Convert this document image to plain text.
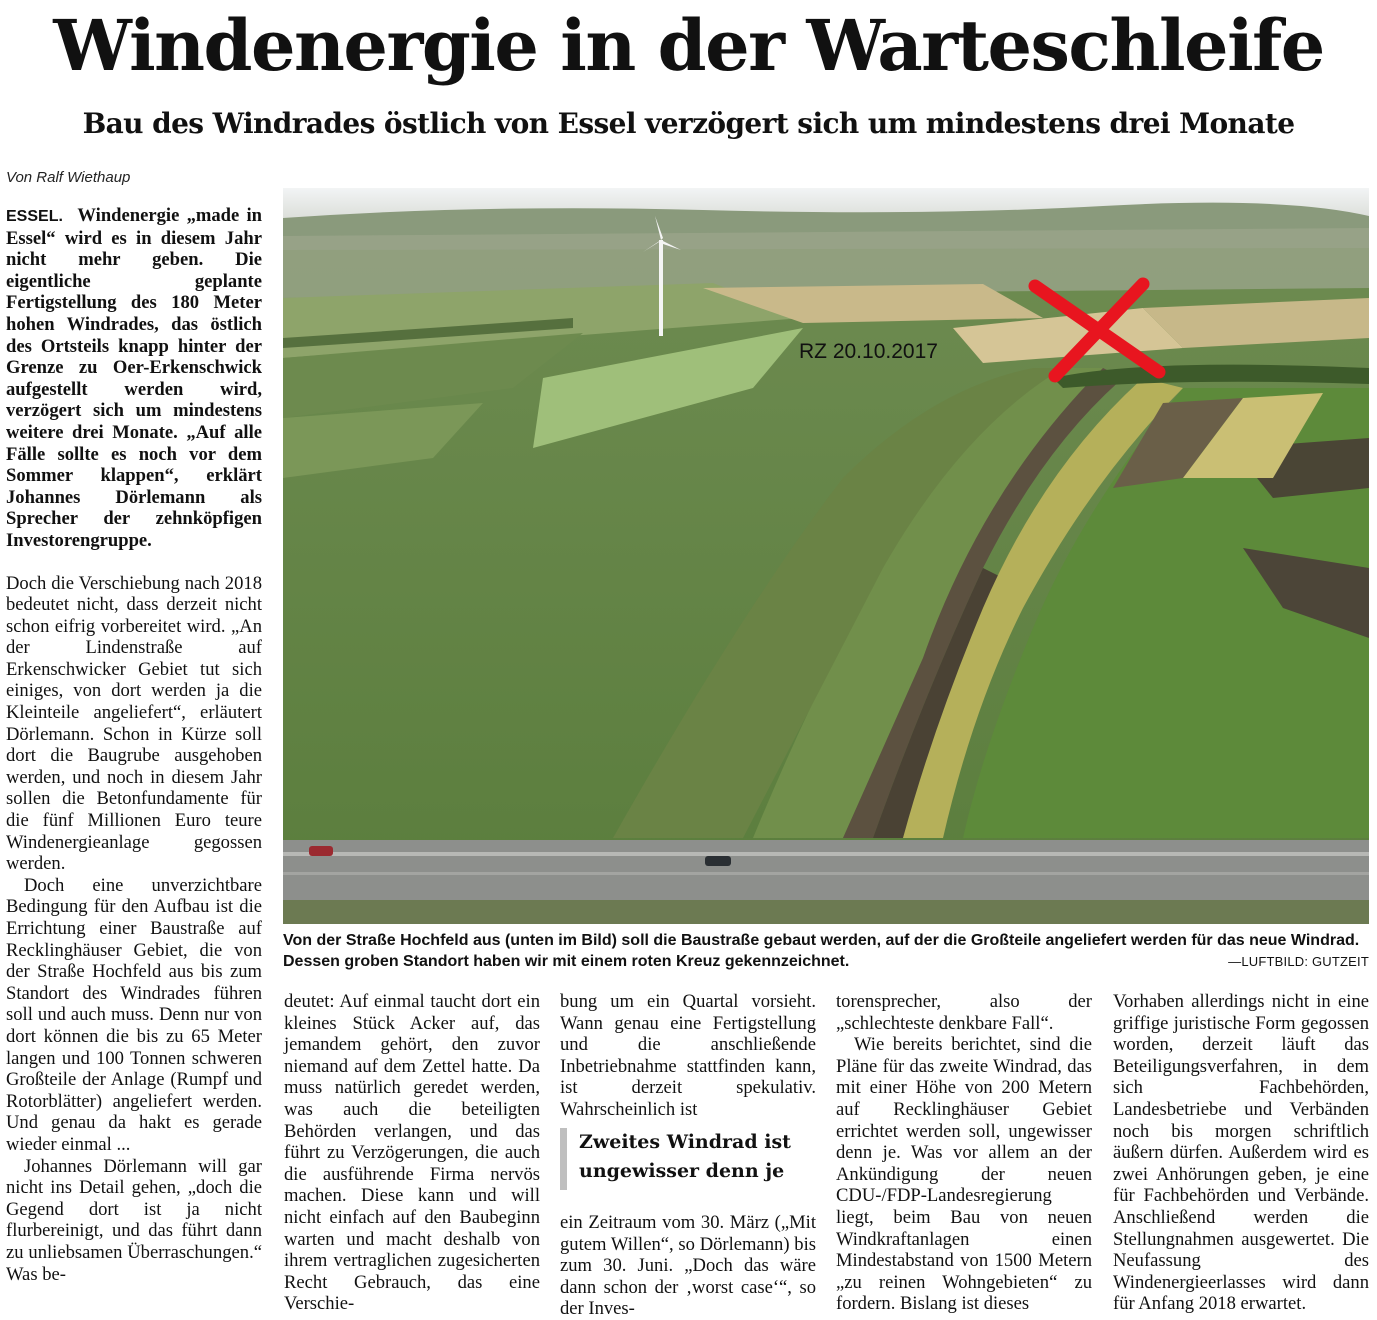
Windenergie in der Warteschleife
Bau des Windrades östlich von Essel verzögert sich um mindestens drei Monate
Von Ralf Wiethaup

ESSEL. Windenergie „made in Essel“ wird es in diesem Jahr nicht mehr geben. Die eigentliche geplante Fertigstellung des 180 Meter hohen Windrades, das östlich des Ortsteils knapp hinter der Grenze zu Oer-Erkenschwick aufgestellt werden wird, verzögert sich um mindestens weitere drei Monate. „Auf alle Fälle sollte es noch vor dem Sommer klappen“, erklärt Johannes Dörlemann als Sprecher der zehnköpfigen Investorengruppe.

Doch die Verschiebung nach 2018 bedeutet nicht, dass derzeit nicht schon eifrig vorbereitet wird. „An der Lindenstraße auf Erkenschwicker Gebiet tut sich einiges, von dort werden ja die Kleinteile angeliefert“, erläutert Dörlemann. Schon in Kürze soll dort die Baugrube ausgehoben werden, und noch in diesem Jahr sollen die Betonfundamente für die fünf Millionen Euro teure Windenergieanlage gegossen werden.

Doch eine unverzichtbare Bedingung für den Aufbau ist die Errichtung einer Baustraße auf Recklinghäuser Gebiet, die von der Straße Hochfeld aus bis zum Standort des Windrades führen soll und auch muss. Denn nur von dort können die bis zu 65 Meter langen und 100 Tonnen schweren Großteile der Anlage (Rumpf und Rotorblätter) angeliefert werden. Und genau da hakt es gerade wieder einmal ...

Johannes Dörlemann will gar nicht ins Detail gehen, „doch die Gegend dort ist ja nicht flurbereinigt, und das führt dann zu unliebsamen Überraschungen.“ Was be-

RZ 20.10.2017
Von der Straße Hochfeld aus (unten im Bild) soll die Baustraße gebaut werden, auf der die Großteile angeliefert werden für das neue Windrad. Dessen groben Standort haben wir mit einem roten Kreuz gekennzeichnet.	—LUFTBILD: GUTZEIT

deutet: Auf einmal taucht dort ein kleines Stück Acker auf, das jemandem gehört, den zuvor niemand auf dem Zettel hatte. Da muss natürlich geredet werden, was auch die beteiligten Behörden verlangen, und das führt zu Verzögerungen, die auch die ausführende Firma nervös machen. Diese kann und will nicht einfach auf den Baubeginn warten und macht deshalb von ihrem vertraglichen zugesicherten Recht Gebrauch, das eine Verschie-

bung um ein Quartal vorsieht. Wann genau eine Fertigstellung und die anschließende Inbetriebnahme stattfinden kann, ist derzeit spekulativ. Wahrscheinlich ist

Zweites Windrad ist ungewisser denn je

ein Zeitraum vom 30. März („Mit gutem Willen“, so Dörlemann) bis zum 30. Juni. „Doch das wäre dann schon der ‚worst case‘“, so der Inves-

torensprecher, also der „schlechteste denkbare Fall“.

Wie bereits berichtet, sind die Pläne für das zweite Windrad, das mit einer Höhe von 200 Metern auf Recklinghäuser Gebiet errichtet werden soll, ungewisser denn je. Was vor allem an der Ankündigung der neuen CDU-/FDP-Landesregierung liegt, beim Bau von neuen Windkraftanlagen einen Mindestabstand von 1500 Metern „zu reinen Wohngebieten“ zu fordern. Bislang ist dieses

Vorhaben allerdings nicht in eine griffige juristische Form gegossen worden, derzeit läuft das Beteiligungsverfahren, in dem sich Fachbehörden, Landesbetriebe und Verbänden noch bis morgen schriftlich äußern dürfen. Außerdem wird es zwei Anhörungen geben, je eine für Fachbehörden und Verbände. Anschließend werden die Stellungnahmen ausgewertet. Die Neufassung des Windenergieerlasses wird dann für Anfang 2018 erwartet.
